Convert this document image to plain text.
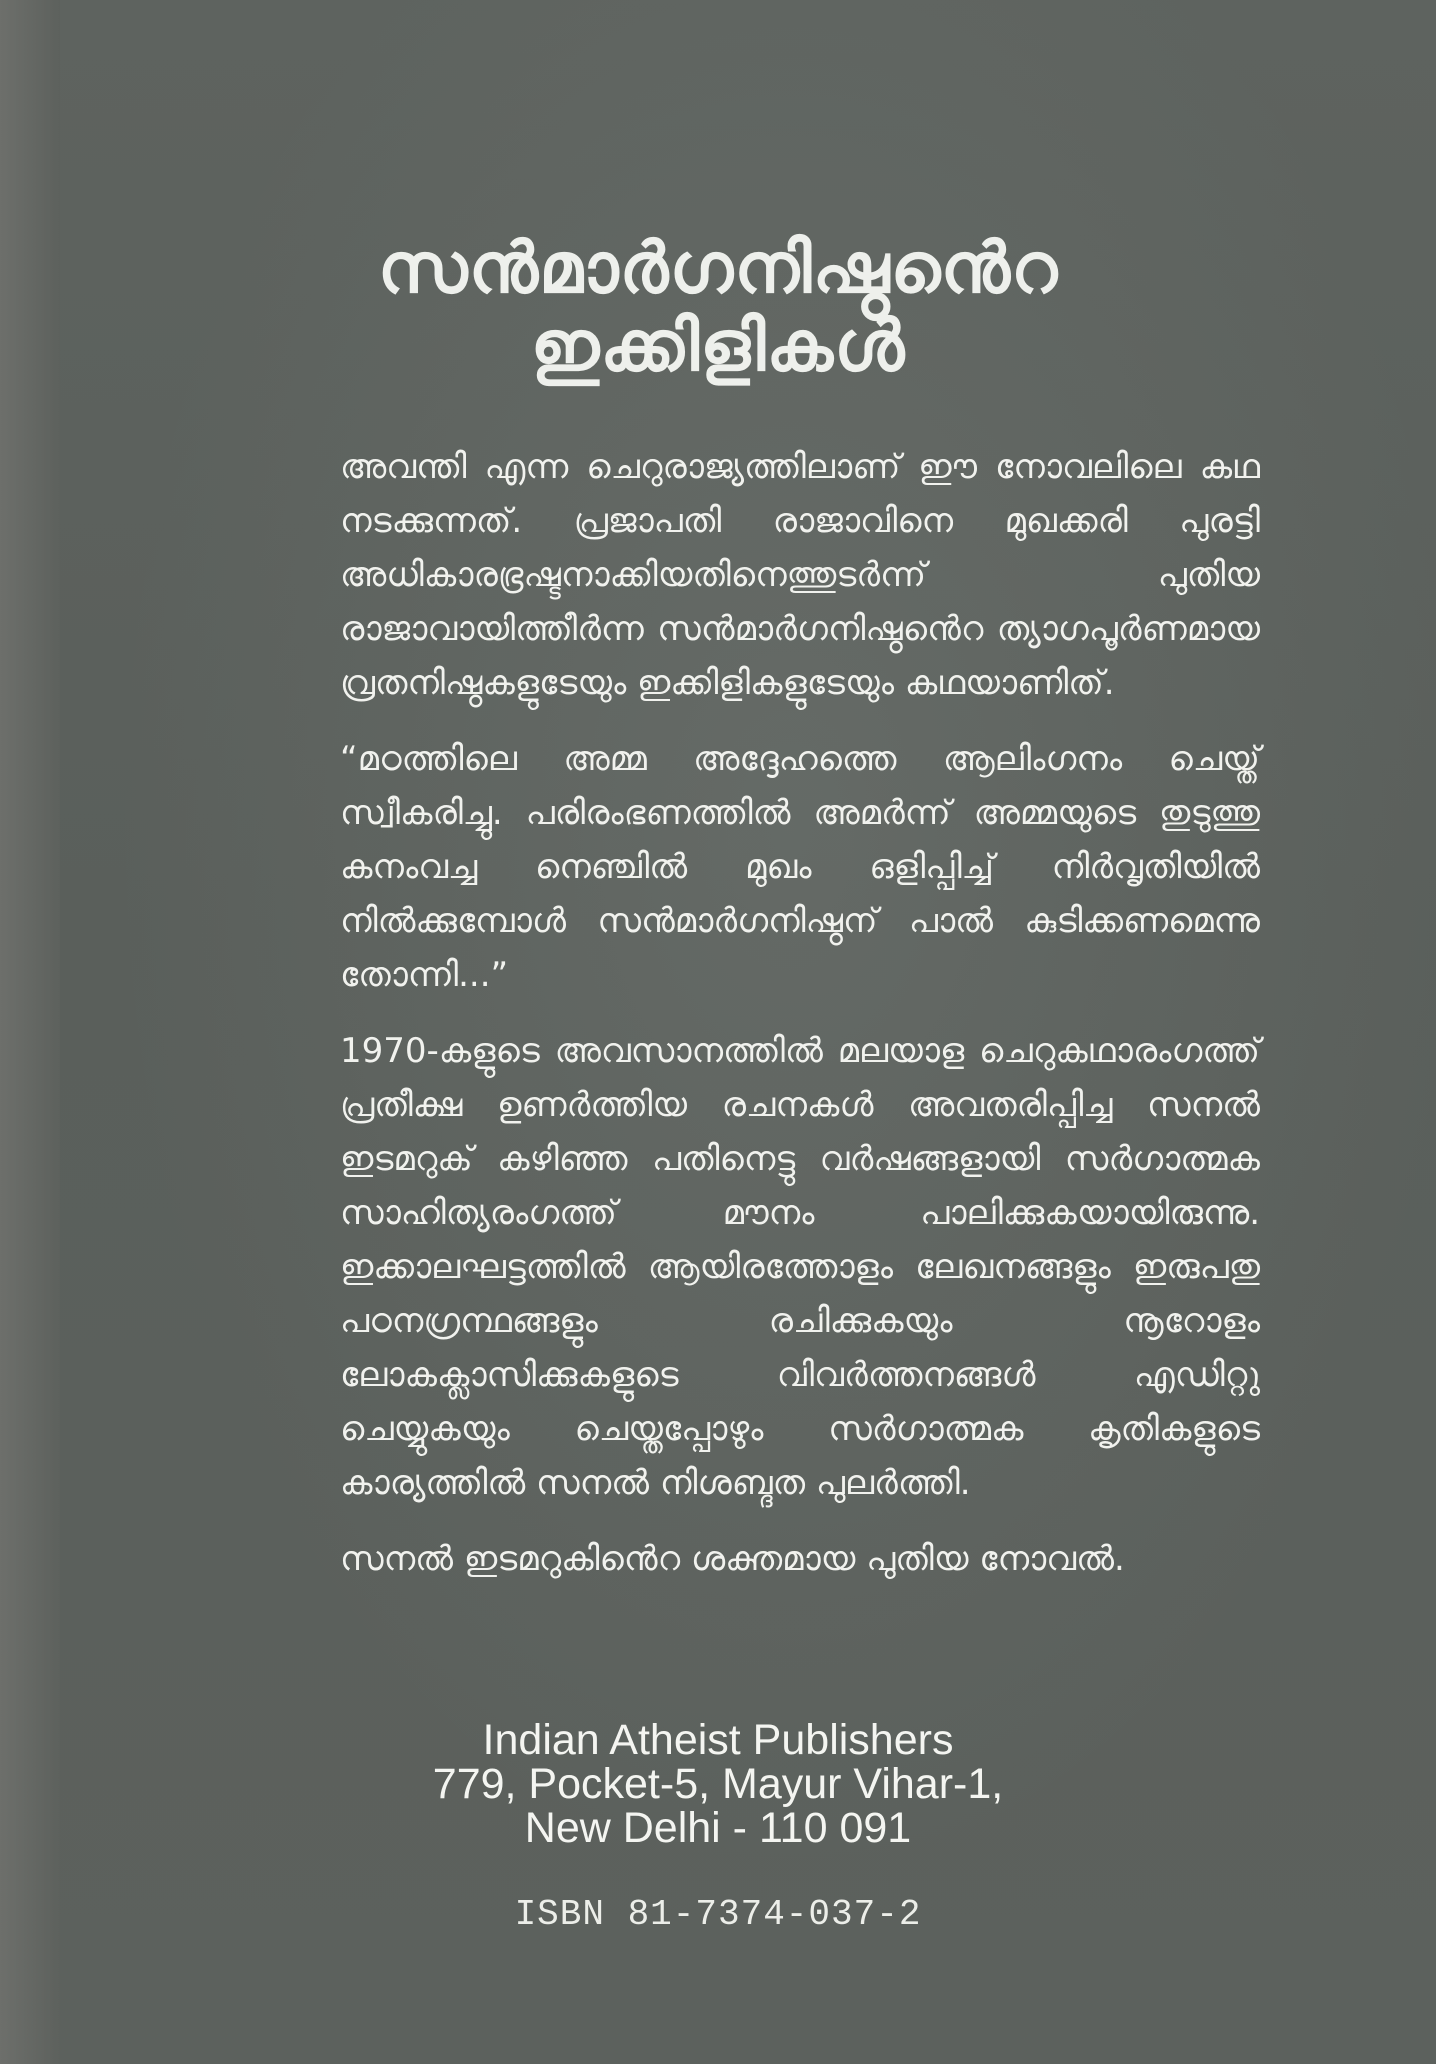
സൻമാർഗനിഷ്ഠൻെറ
ഇക്കിളികൾ

അവന്തി എന്ന ചെറുരാജ്യത്തിലാണ് ഈ നോവലിലെ കഥ നടക്കുന്നത്. പ്രജാപതി രാജാവിനെ മുഖക്കരി പുരട്ടി അധികാരഭ്രഷ്ടനാക്കിയതിനെത്തുടർന്ന് പുതിയ രാജാവായിത്തീർന്ന സൻമാർഗനിഷ്ഠൻെറ ത്യാഗപൂർണമായ വ്രതനിഷ്ഠകളുടേയും ഇക്കിളികളുടേയും കഥയാണിത്.

“മഠത്തിലെ അമ്മ അദ്ദേഹത്തെ ആലിംഗനം ചെയ്ത് സ്വീകരിച്ചു. പരിരംഭണത്തിൽ അമർന്ന് അമ്മയുടെ തുടുത്തു കനംവച്ച നെഞ്ചിൽ മുഖം ഒളിപ്പിച്ച് നിർവൃതിയിൽ നിൽക്കുമ്പോൾ സൻമാർഗനിഷ്ഠന് പാൽ കുടിക്കണമെന്നു തോന്നി...”

1970-കളുടെ അവസാനത്തിൽ മലയാള ചെറുകഥാരംഗത്ത് പ്രതീക്ഷ ഉണർത്തിയ രചനകൾ അവതരിപ്പിച്ച സനൽ ഇടമറുക് കഴിഞ്ഞ പതിനെട്ടു വർഷങ്ങളായി സർഗാത്മക സാഹിത്യരംഗത്ത് മൗനം പാലിക്കുകയായിരുന്നു. ഇക്കാലഘട്ടത്തിൽ ആയിരത്തോളം ലേഖനങ്ങളും ഇരുപതു പഠനഗ്രന്ഥങ്ങളും രചിക്കുകയും നൂറോളം ലോകക്ലാസിക്കുകളുടെ വിവർത്തനങ്ങൾ എഡിറ്റു ചെയ്യുകയും ചെയ്തപ്പോഴും സർഗാത്മക കൃതികളുടെ കാര്യത്തിൽ സനൽ നിശബ്ദത പുലർത്തി.

സനൽ ഇടമറുകിൻെറ ശക്തമായ പുതിയ നോവൽ.

Indian Atheist Publishers
779, Pocket-5, Mayur Vihar-1,
New Delhi - 110 091
ISBN 81-7374-037-2
